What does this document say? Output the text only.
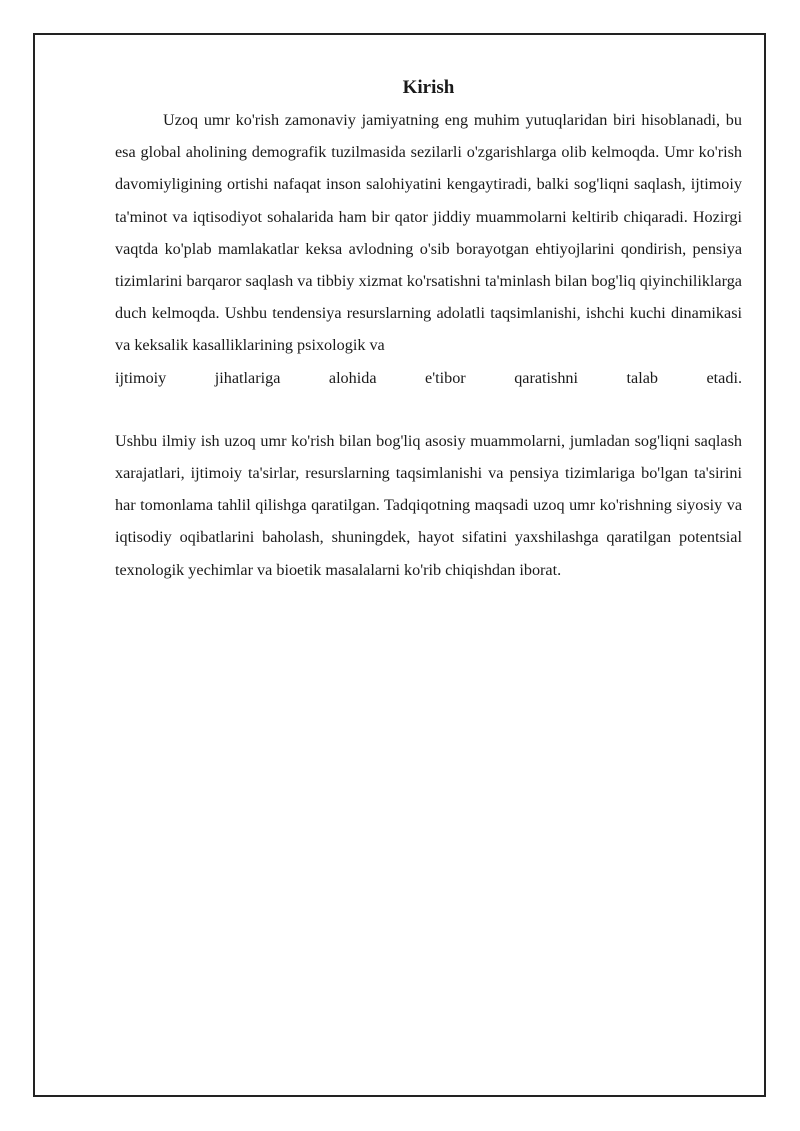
Kirish

Uzoq umr ko'rish zamonaviy jamiyatning eng muhim yutuqlaridan biri hisoblanadi, bu esa global aholining demografik tuzilmasida sezilarli o'zgarishlarga olib kelmoqda. Umr ko'rish davomiyligining ortishi nafaqat inson salohiyatini kengaytiradi, balki sog'liqni saqlash, ijtimoiy ta'minot va iqtisodiyot sohalarida ham bir qator jiddiy muammolarni keltirib chiqaradi. Hozirgi vaqtda ko'plab mamlakatlar keksa avlodning o'sib borayotgan ehtiyojlarini qondirish, pensiya tizimlarini barqaror saqlash va tibbiy xizmat ko'rsatishni ta'minlash bilan bog'liq qiyinchiliklarga duch kelmoqda. Ushbu tendensiya resurslarning adolatli taqsimlanishi, ishchi kuchi dinamikasi va keksalik kasalliklarining psixologik va

ijtimoiy jihatlariga alohida e'tibor qaratishni talab etadi.

Ushbu ilmiy ish uzoq umr ko'rish bilan bog'liq asosiy muammolarni, jumladan sog'liqni saqlash xarajatlari, ijtimoiy ta'sirlar, resurslarning taqsimlanishi va pensiya tizimlariga bo'lgan ta'sirini har tomonlama tahlil qilishga qaratilgan. Tadqiqotning maqsadi uzoq umr ko'rishning siyosiy va iqtisodiy oqibatlarini baholash, shuningdek, hayot sifatini yaxshilashga qaratilgan potentsial texnologik yechimlar va bioetik masalalarni ko'rib chiqishdan iborat.
